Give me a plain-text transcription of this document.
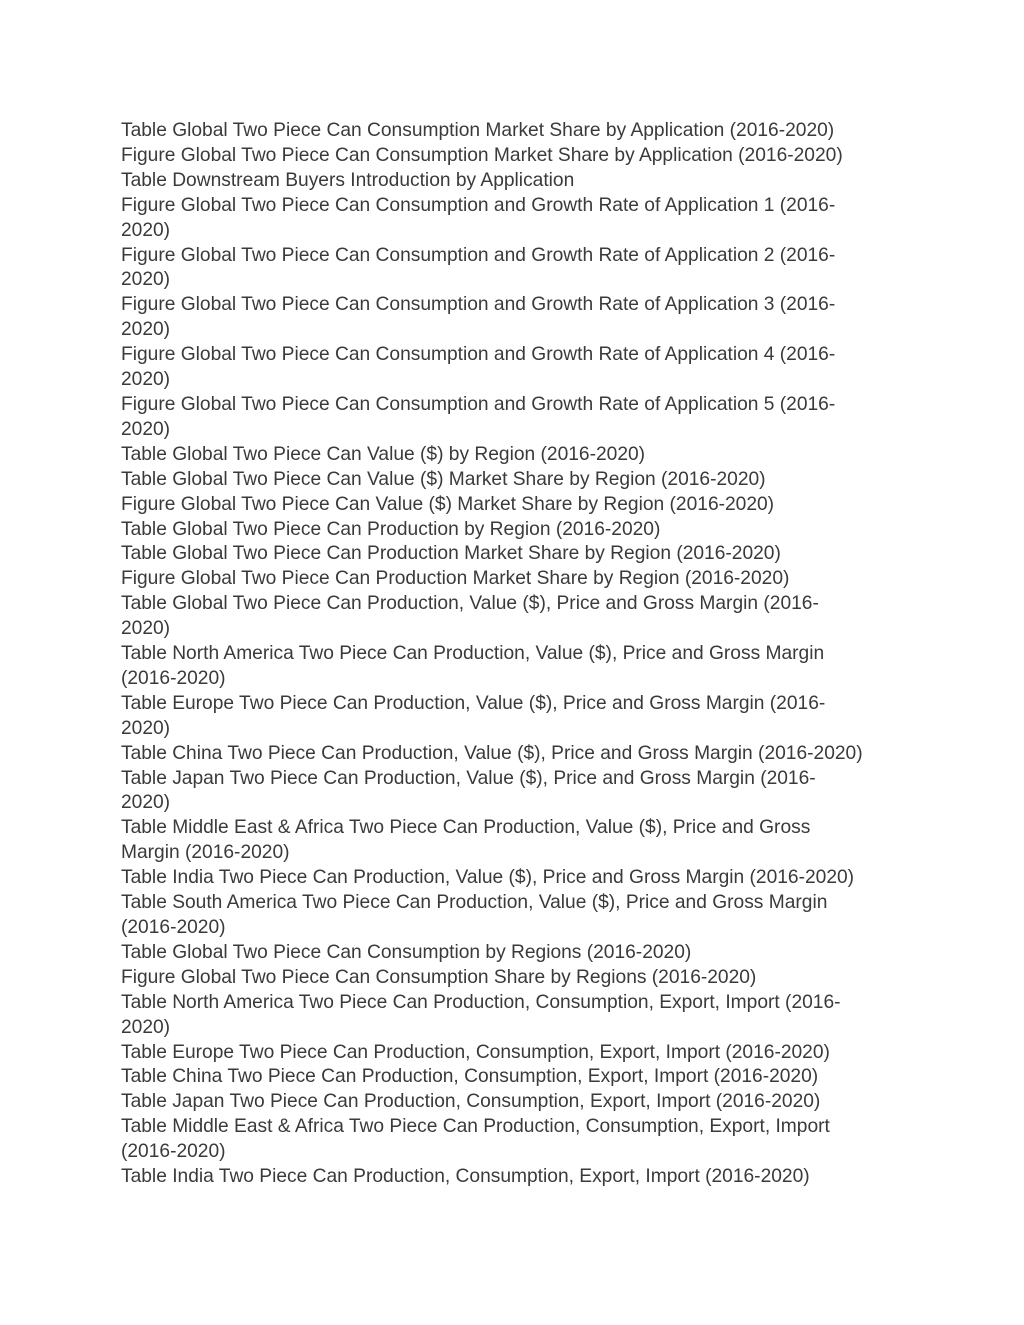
Table Global Two Piece Can Consumption Market Share by Application (2016-2020)
Figure Global Two Piece Can Consumption Market Share by Application (2016-2020)
Table Downstream Buyers Introduction by Application
Figure Global Two Piece Can Consumption and Growth Rate of Application 1 (2016-
2020)
Figure Global Two Piece Can Consumption and Growth Rate of Application 2 (2016-
2020)
Figure Global Two Piece Can Consumption and Growth Rate of Application 3 (2016-
2020)
Figure Global Two Piece Can Consumption and Growth Rate of Application 4 (2016-
2020)
Figure Global Two Piece Can Consumption and Growth Rate of Application 5 (2016-
2020)
Table Global Two Piece Can Value ($) by Region (2016-2020)
Table Global Two Piece Can Value ($) Market Share by Region (2016-2020)
Figure Global Two Piece Can Value ($) Market Share by Region (2016-2020)
Table Global Two Piece Can Production by Region (2016-2020)
Table Global Two Piece Can Production Market Share by Region (2016-2020)
Figure Global Two Piece Can Production Market Share by Region (2016-2020)
Table Global Two Piece Can Production, Value ($), Price and Gross Margin (2016-
2020)
Table North America Two Piece Can Production, Value ($), Price and Gross Margin
(2016-2020)
Table Europe Two Piece Can Production, Value ($), Price and Gross Margin (2016-
2020)
Table China Two Piece Can Production, Value ($), Price and Gross Margin (2016-2020)
Table Japan Two Piece Can Production, Value ($), Price and Gross Margin (2016-
2020)
Table Middle East & Africa Two Piece Can Production, Value ($), Price and Gross
Margin (2016-2020)
Table India Two Piece Can Production, Value ($), Price and Gross Margin (2016-2020)
Table South America Two Piece Can Production, Value ($), Price and Gross Margin
(2016-2020)
Table Global Two Piece Can Consumption by Regions (2016-2020)
Figure Global Two Piece Can Consumption Share by Regions (2016-2020)
Table North America Two Piece Can Production, Consumption, Export, Import (2016-
2020)
Table Europe Two Piece Can Production, Consumption, Export, Import (2016-2020)
Table China Two Piece Can Production, Consumption, Export, Import (2016-2020)
Table Japan Two Piece Can Production, Consumption, Export, Import (2016-2020)
Table Middle East & Africa Two Piece Can Production, Consumption, Export, Import
(2016-2020)
Table India Two Piece Can Production, Consumption, Export, Import (2016-2020)
